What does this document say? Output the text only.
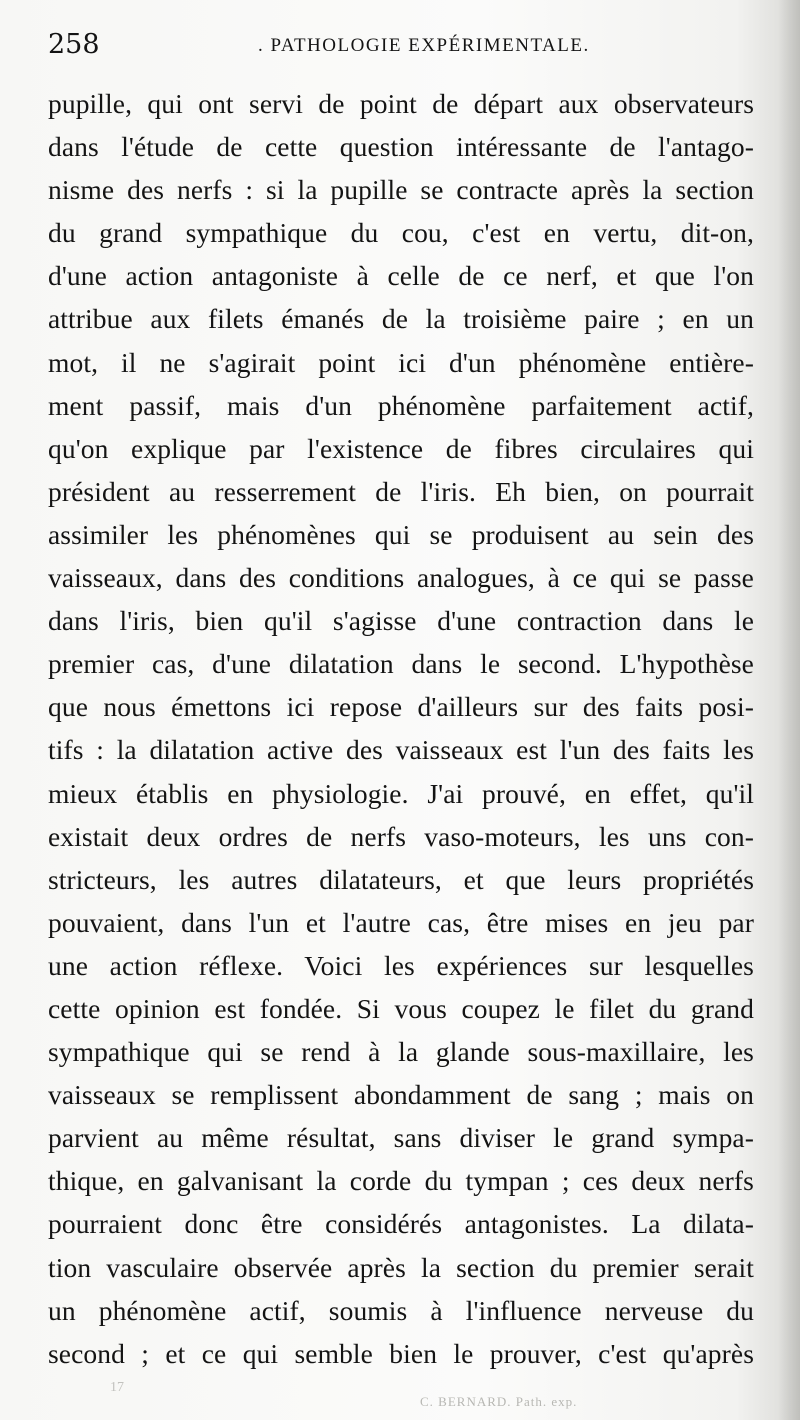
258	. PATHOLOGIE EXPÉRIMENTALE.
pupille, qui ont servi de point de départ aux observateurs
dans l'étude de cette question intéressante de l'antago-
nisme des nerfs : si la pupille se contracte après la section
du grand sympathique du cou, c'est en vertu, dit-on,
d'une action antagoniste à celle de ce nerf, et que l'on
attribue aux filets émanés de la troisième paire ; en un
mot, il ne s'agirait point ici d'un phénomène entière-
ment passif, mais d'un phénomène parfaitement actif,
qu'on explique par l'existence de fibres circulaires qui
président au resserrement de l'iris. Eh bien, on pourrait
assimiler les phénomènes qui se produisent au sein des
vaisseaux, dans des conditions analogues, à ce qui se passe
dans l'iris, bien qu'il s'agisse d'une contraction dans le
premier cas, d'une dilatation dans le second. L'hypothèse
que nous émettons ici repose d'ailleurs sur des faits posi-
tifs : la dilatation active des vaisseaux est l'un des faits les
mieux établis en physiologie. J'ai prouvé, en effet, qu'il
existait deux ordres de nerfs vaso-moteurs, les uns con-
stricteurs, les autres dilatateurs, et que leurs propriétés
pouvaient, dans l'un et l'autre cas, être mises en jeu par
une action réflexe. Voici les expériences sur lesquelles
cette opinion est fondée. Si vous coupez le filet du grand
sympathique qui se rend à la glande sous-maxillaire, les
vaisseaux se remplissent abondamment de sang ; mais on
parvient au même résultat, sans diviser le grand sympa-
thique, en galvanisant la corde du tympan ; ces deux nerfs
pourraient donc être considérés antagonistes. La dilata-
tion vasculaire observée après la section du premier serait
un phénomène actif, soumis à l'influence nerveuse du
second ; et ce qui semble bien le prouver, c'est qu'après
17
C. BERNARD. Path. exp.
